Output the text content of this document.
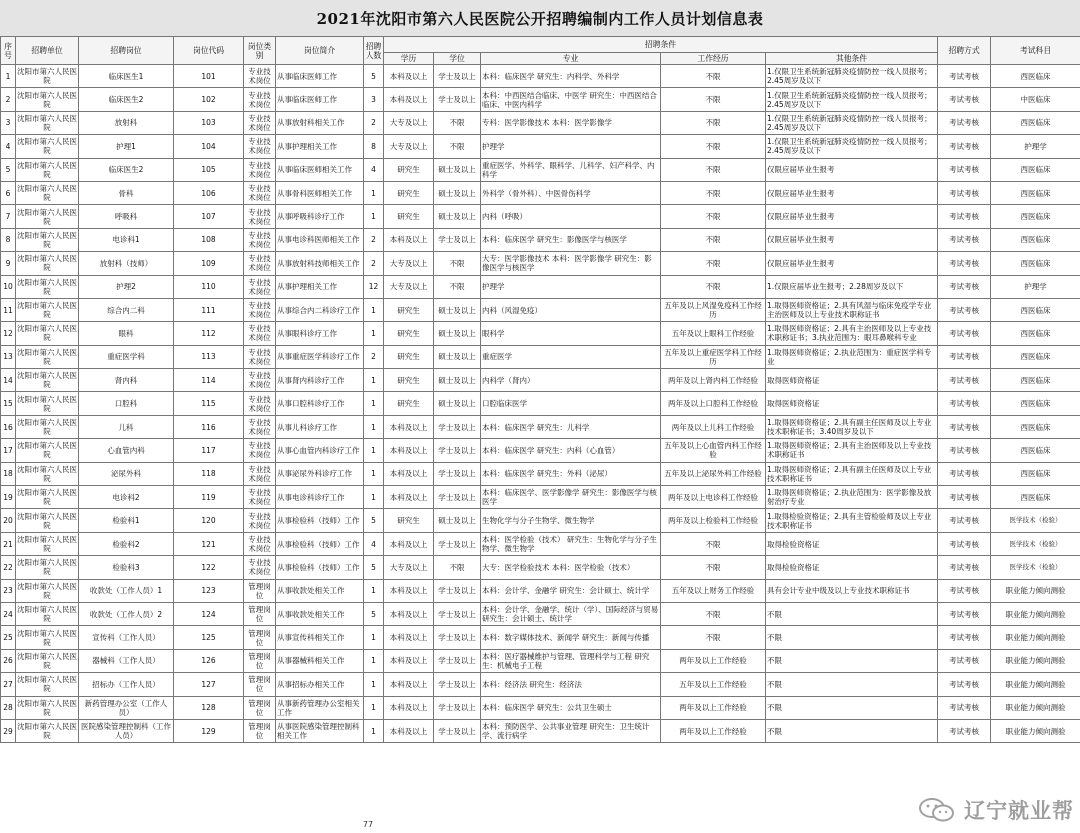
2021年沈阳市第六人民医院公开招聘编制内工作人员计划信息表
序号	招聘单位	招聘岗位	岗位代码	岗位类别	岗位简介	招聘人数	招聘条件					招聘方式	考试科目
							学历	学位	专业	工作经历	其他条件		
1	沈阳市第六人民医院	临床医生1	101	专业技术岗位	从事临床医师工作	5	本科及以上	学士及以上	本科：临床医学 研究生：内科学、外科学	不限	1.仅限卫生系统新冠肺炎疫情防控一线人员报考；2.45周岁及以下	考试考核	西医临床
2	沈阳市第六人民医院	临床医生2	102	专业技术岗位	从事临床医师工作	3	本科及以上	学士及以上	本科：中西医结合临床、中医学 研究生：中西医结合临床、中医内科学	不限	1.仅限卫生系统新冠肺炎疫情防控一线人员报考；2.45周岁及以下	考试考核	中医临床
3	沈阳市第六人民医院	放射科	103	专业技术岗位	从事放射科相关工作	2	大专及以上	不限	专科：医学影像技术 本科：医学影像学	不限	1.仅限卫生系统新冠肺炎疫情防控一线人员报考；2.45周岁及以下	考试考核	西医临床
4	沈阳市第六人民医院	护理1	104	专业技术岗位	从事护理相关工作	8	大专及以上	不限	护理学	不限	1.仅限卫生系统新冠肺炎疫情防控一线人员报考；2.45周岁及以下	考试考核	护理学
5	沈阳市第六人民医院	临床医生2	105	专业技术岗位	从事临床医师相关工作	4	研究生	硕士及以上	重症医学、外科学、眼科学、儿科学、妇产科学、内科学	不限	仅限应届毕业生报考	考试考核	西医临床
6	沈阳市第六人民医院	骨科	106	专业技术岗位	从事骨科医师相关工作	1	研究生	硕士及以上	外科学（骨外科）、中医骨伤科学	不限	仅限应届毕业生报考	考试考核	西医临床
7	沈阳市第六人民医院	呼吸科	107	专业技术岗位	从事呼吸科诊疗工作	1	研究生	硕士及以上	内科（呼吸）	不限	仅限应届毕业生报考	考试考核	西医临床
8	沈阳市第六人民医院	电诊科1	108	专业技术岗位	从事电诊科医师相关工作	2	本科及以上	学士及以上	本科：临床医学 研究生：影像医学与核医学	不限	仅限应届毕业生报考	考试考核	西医临床
9	沈阳市第六人民医院	放射科（技师）	109	专业技术岗位	从事放射科技师相关工作	2	大专及以上	不限	大专：医学影像技术 本科：医学影像学 研究生：影像医学与核医学	不限	仅限应届毕业生报考	考试考核	西医临床
10	沈阳市第六人民医院	护理2	110	专业技术岗位	从事护理相关工作	12	大专及以上	不限	护理学	不限	1.仅限应届毕业生报考；2.28周岁及以下	考试考核	护理学
11	沈阳市第六人民医院	综合内二科	111	专业技术岗位	从事综合内二科诊疗工作	1	研究生	硕士及以上	内科（风湿免疫）	五年及以上风湿免疫科工作经历	1.取得医师资格证；2.具有风湿与临床免疫学专业主治医师及以上专业技术职称证书	考试考核	西医临床
12	沈阳市第六人民医院	眼科	112	专业技术岗位	从事眼科诊疗工作	1	研究生	硕士及以上	眼科学	五年及以上眼科工作经验	1.取得医师资格证；2.具有主治医师及以上专业技术职称证书；3.执业范围为：眼耳鼻喉科专业	考试考核	西医临床
13	沈阳市第六人民医院	重症医学科	113	专业技术岗位	从事重症医学科诊疗工作	2	研究生	硕士及以上	重症医学	五年及以上重症医学科工作经历	1.取得医师资格证；2.执业范围为：重症医学科专业	考试考核	西医临床
14	沈阳市第六人民医院	肾内科	114	专业技术岗位	从事肾内科诊疗工作	1	研究生	硕士及以上	内科学（肾内）	两年及以上肾内科工作经验	取得医师资格证	考试考核	西医临床
15	沈阳市第六人民医院	口腔科	115	专业技术岗位	从事口腔科诊疗工作	1	研究生	硕士及以上	口腔临床医学	两年及以上口腔科工作经验	取得医师资格证	考试考核	西医临床
16	沈阳市第六人民医院	儿科	116	专业技术岗位	从事儿科诊疗工作	1	本科及以上	学士及以上	本科：临床医学 研究生：儿科学	两年及以上儿科工作经验	1.取得医师资格证；2.具有副主任医师及以上专业技术职称证书；3.40周岁及以下	考试考核	西医临床
17	沈阳市第六人民医院	心血管内科	117	专业技术岗位	从事心血管内科诊疗工作	1	本科及以上	学士及以上	本科：临床医学 研究生：内科（心血管）	五年及以上心血管内科工作经验	1.取得医师资格证；2.具有主治医师及以上专业技术职称证书	考试考核	西医临床
18	沈阳市第六人民医院	泌尿外科	118	专业技术岗位	从事泌尿外科诊疗工作	1	本科及以上	学士及以上	本科：临床医学 研究生：外科（泌尿）	五年及以上泌尿外科工作经验	1.取得医师资格证；2.具有副主任医师及以上专业技术职称证书	考试考核	西医临床
19	沈阳市第六人民医院	电诊科2	119	专业技术岗位	从事电诊科诊疗工作	1	本科及以上	学士及以上	本科：临床医学、医学影像学 研究生：影像医学与核医学	两年及以上电诊科工作经验	1.取得医师资格证；2.执业范围为：医学影像及放射治疗专业	考试考核	西医临床
20	沈阳市第六人民医院	检验科1	120	专业技术岗位	从事检验科（技师）工作	5	研究生	硕士及以上	生物化学与分子生物学、微生物学	两年及以上检验科工作经验	1.取得检验资格证；2.具有主管检验师及以上专业技术职称证书	考试考核	医学技术（检验）
21	沈阳市第六人民医院	检验科2	121	专业技术岗位	从事检验科（技师）工作	4	本科及以上	学士及以上	本科：医学检验（技术） 研究生：生物化学与分子生物学、微生物学	不限	取得检验资格证	考试考核	医学技术（检验）
22	沈阳市第六人民医院	检验科3	122	专业技术岗位	从事检验科（技师）工作	5	大专及以上	不限	大专：医学检验技术 本科：医学检验（技术）	不限	取得检验资格证	考试考核	医学技术（检验）
23	沈阳市第六人民医院	收款处（工作人员）1	123	管理岗位	从事收款处相关工作	1	本科及以上	学士及以上	本科：会计学、金融学 研究生：会计硕士、统计学	五年及以上财务工作经验	具有会计专业中级及以上专业技术职称证书	考试考核	职业能力倾向测验
24	沈阳市第六人民医院	收款处（工作人员）2	124	管理岗位	从事收款处相关工作	5	本科及以上	学士及以上	本科：会计学、金融学、统计（学）、国际经济与贸易 研究生：会计硕士、统计学	不限	不限	考试考核	职业能力倾向测验
25	沈阳市第六人民医院	宣传科（工作人员）	125	管理岗位	从事宣传科相关工作	1	本科及以上	学士及以上	本科：数字媒体技术、新闻学 研究生：新闻与传播	不限	不限	考试考核	职业能力倾向测验
26	沈阳市第六人民医院	器械科（工作人员）	126	管理岗位	从事器械科相关工作	1	本科及以上	学士及以上	本科：医疗器械维护与管理、管理科学与工程 研究生：机械电子工程	两年及以上工作经验	不限	考试考核	职业能力倾向测验
27	沈阳市第六人民医院	招标办（工作人员）	127	管理岗位	从事招标办相关工作	1	本科及以上	学士及以上	本科：经济法 研究生：经济法	五年及以上工作经验	不限	考试考核	职业能力倾向测验
28	沈阳市第六人民医院	新药管理办公室（工作人员）	128	管理岗位	从事新药管理办公室相关工作	1	本科及以上	学士及以上	本科：临床医学 研究生：公共卫生硕士	两年及以上工作经验	不限	考试考核	职业能力倾向测验
29	沈阳市第六人民医院	医院感染管理控制科（工作人员）	129	管理岗位	从事医院感染管理控制科相关工作	1	本科及以上	学士及以上	本科：预防医学、公共事业管理 研究生：卫生统计学、流行病学	两年及以上工作经验	不限	考试考核	职业能力倾向测验
77
辽宁就业帮
